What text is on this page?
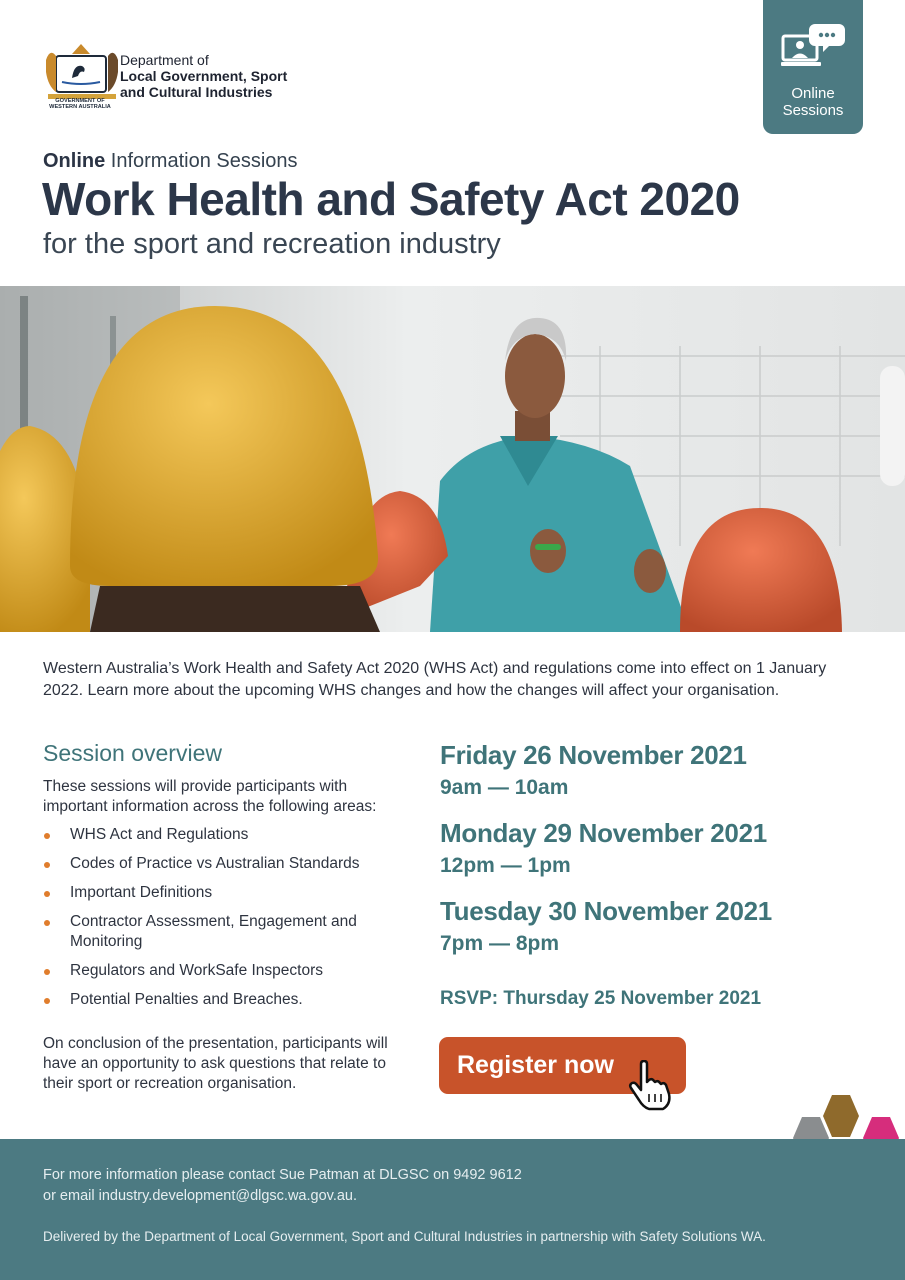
GOVERNMENT OF WESTERN AUSTRALIA
Department of
Local Government, Sport
and Cultural Industries	Online
Sessions
Online Information Sessions
Work Health and Safety Act 2020
for the sport and recreation industry

Western Australia’s Work Health and Safety Act 2020 (WHS Act) and regulations come into effect on 1 January 2022. Learn more about the upcoming WHS changes and how the changes will affect your organisation.

Session overview

These sessions will provide participants with important information across the following areas:

WHS Act and Regulations
Codes of Practice vs Australian Standards
Important Definitions
Contractor Assessment, Engagement and Monitoring
Regulators and WorkSafe Inspectors
Potential Penalties and Breaches.

On conclusion of the presentation, participants will have an opportunity to ask questions that relate to their sport or recreation organisation.

Friday 26 November 2021
9am — 10am
Monday 29 November 2021
12pm — 1pm
Tuesday 30 November 2021
7pm — 8pm
RSVP: Thursday 25 November 2021
Register now
For more information please contact Sue Patman at DLGSC on 9492 9612
or email industry.development@dlgsc.wa.gov.au.
Delivered by the Department of Local Government, Sport and Cultural Industries in partnership with Safety Solutions WA.
